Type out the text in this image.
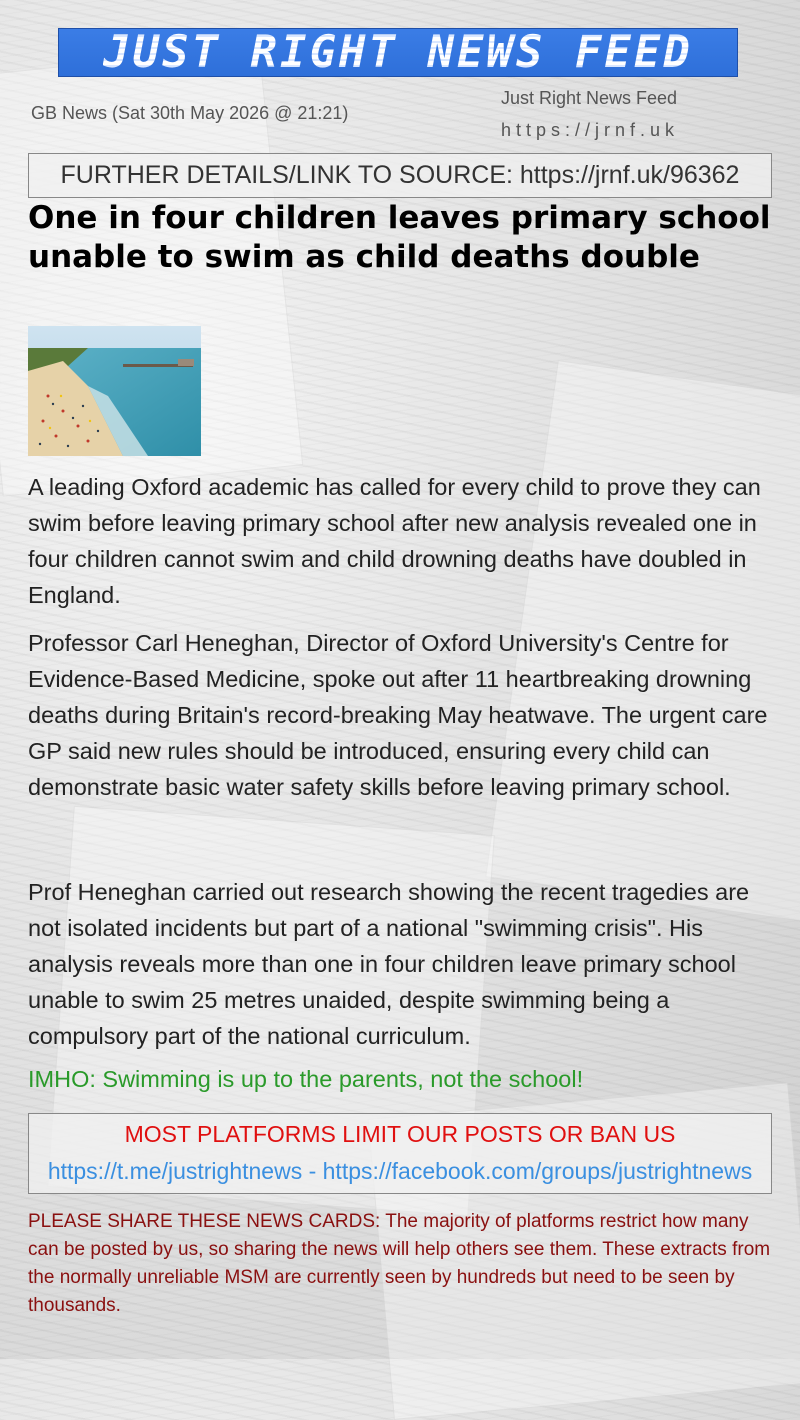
JUST RIGHT NEWS FEED
GB News (Sat 30th May 2026 @ 21:21)
Just Right News Feed
https://jrnf.uk
FURTHER DETAILS/LINK TO SOURCE: https://jrnf.uk/96362
One in four children leaves primary school unable to swim as child deaths double

A leading Oxford academic has called for every child to prove they can swim before leaving primary school after new analysis revealed one in four children cannot swim and child drowning deaths have doubled in England.

Professor Carl Heneghan, Director of Oxford University's Centre for Evidence-Based Medicine, spoke out after 11 heartbreaking drowning deaths during Britain's record-breaking May heatwave. The urgent care GP said new rules should be introduced, ensuring every child can demonstrate basic water safety skills before leaving primary school.

Prof Heneghan carried out research showing the recent tragedies are not isolated incidents but part of a national "swimming crisis". His analysis reveals more than one in four children leave primary school unable to swim 25 metres unaided, despite swimming being a compulsory part of the national curriculum.

IMHO: Swimming is up to the parents, not the school!
MOST PLATFORMS LIMIT OUR POSTS OR BAN US
https://t.me/justrightnews - https://facebook.com/groups/justrightnews

PLEASE SHARE THESE NEWS CARDS: The majority of platforms restrict how many can be posted by us, so sharing the news will help others see them. These extracts from the normally unreliable MSM are currently seen by hundreds but need to be seen by thousands.
